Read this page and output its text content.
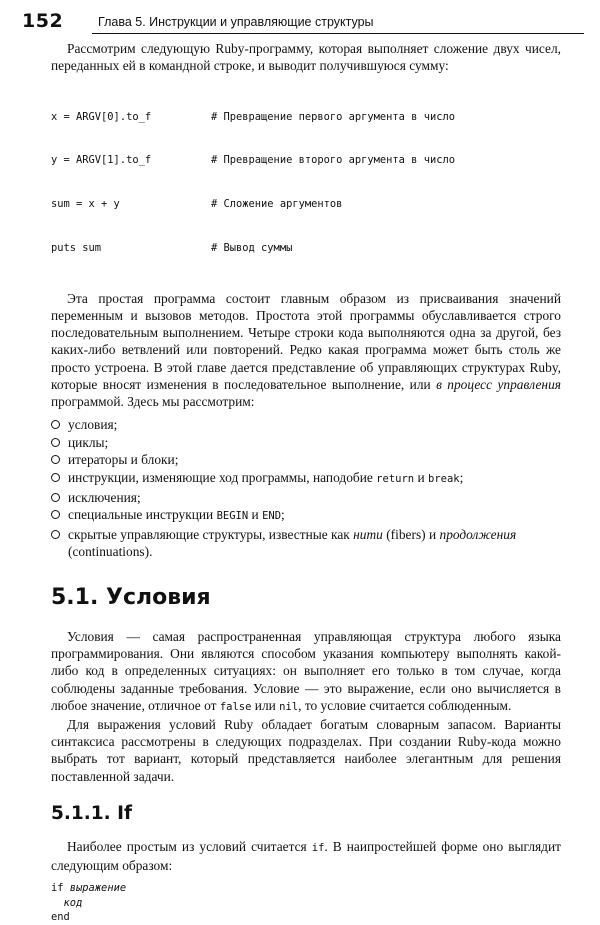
152	Глава 5. Инструкции и управляющие структуры

Рассмотрим следующую Ruby-программу, которая выполняет сложение двух чисел, переданных ей в командной строке, и выводит получившуюся сумму:

x = ARGV[0].to_f	# Превращение первого аргумента в число

y = ARGV[1].to_f	# Превращение второго аргумента в число

sum = x + y	# Сложение аргументов

puts sum	# Вывод суммы

Эта простая программа состоит главным образом из присваивания значений переменным и вызовов методов. Простота этой программы обуславливается строго последовательным выполнением. Четыре строки кода выполняются одна за другой, без каких-либо ветвлений или повторений. Редко какая программа может быть столь же просто устроена. В этой главе дается представление об управляющих структурах Ruby, которые вносят изменения в последовательное выполнение, или в процесс управления программой. Здесь мы рассмотрим:

условия;
циклы;
итераторы и блоки;
инструкции, изменяющие ход программы, наподобие return и break;
исключения;
специальные инструкции BEGIN и END;
скрытые управляющие структуры, известные как нити (fibers) и продолжения (continuations).
5.1. Условия

Условия — самая распространенная управляющая структура любого языка программирования. Они являются способом указания компьютеру выполнять какой-либо код в определенных ситуациях: он выполняет его только в том случае, когда соблюдены заданные требования. Условие — это выражение, если оно вычисляется в любое значение, отличное от false или nil, то условие считается соблюденным.

Для выражения условий Ruby обладает богатым словарным запасом. Варианты синтаксиса рассмотрены в следующих подразделах. При создании Ruby-кода можно выбрать тот вариант, который представляется наиболее элегантным для решения поставленной задачи.

5.1.1. If

Наиболее простым из условий считается if. В наипростейшей форме оно выглядит следующим образом:

if выражение
код
end
